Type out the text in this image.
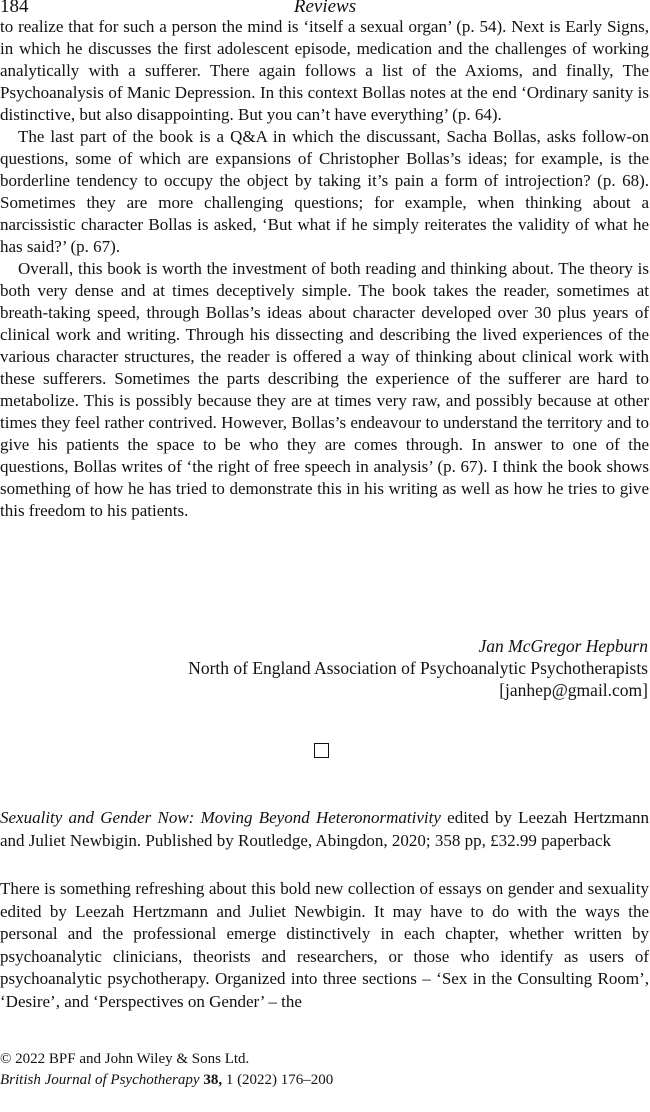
184	Reviews

to realize that for such a person the mind is ‘itself a sexual organ’ (p. 54). Next is Early Signs, in which he discusses the first adolescent episode, medication and the challenges of working analytically with a sufferer. There again follows a list of the Axioms, and finally, The Psychoanalysis of Manic Depression. In this context Bollas notes at the end ‘Ordinary sanity is distinctive, but also disappointing. But you can’t have everything’ (p. 64).

The last part of the book is a Q&A in which the discussant, Sacha Bollas, asks follow-on questions, some of which are expansions of Christopher Bollas’s ideas; for example, is the borderline tendency to occupy the object by taking it’s pain a form of introjection? (p. 68). Sometimes they are more challenging questions; for example, when thinking about a narcissistic character Bollas is asked, ‘But what if he simply reiterates the validity of what he has said?’ (p. 67).

Overall, this book is worth the investment of both reading and thinking about. The theory is both very dense and at times deceptively simple. The book takes the reader, sometimes at breath-taking speed, through Bollas’s ideas about character developed over 30 plus years of clinical work and writing. Through his dissecting and describing the lived experiences of the various character structures, the reader is offered a way of thinking about clinical work with these sufferers. Sometimes the parts describing the experience of the sufferer are hard to metabolize. This is possibly because they are at times very raw, and possibly because at other times they feel rather contrived. However, Bollas’s endeavour to understand the territory and to give his patients the space to be who they are comes through. In answer to one of the questions, Bollas writes of ‘the right of free speech in analysis’ (p. 67). I think the book shows something of how he has tried to demonstrate this in his writing as well as how he tries to give this freedom to his patients.

Jan McGregor Hepburn
North of England Association of Psychoanalytic Psychotherapists
[janhep@gmail.com]
Sexuality and Gender Now: Moving Beyond Heteronormativity edited by Leezah Hertzmann and Juliet Newbigin. Published by Routledge, Abingdon, 2020; 358 pp, £32.99 paperback
There is something refreshing about this bold new collection of essays on gender and sexuality edited by Leezah Hertzmann and Juliet Newbigin. It may have to do with the ways the personal and the professional emerge distinctively in each chapter, whether written by psychoanalytic clinicians, theorists and researchers, or those who identify as users of psychoanalytic psychotherapy. Organized into three sections – ‘Sex in the Consulting Room’, ‘Desire’, and ‘Perspectives on Gender’ – the
© 2022 BPF and John Wiley & Sons Ltd.
British Journal of Psychotherapy 38, 1 (2022) 176–200
